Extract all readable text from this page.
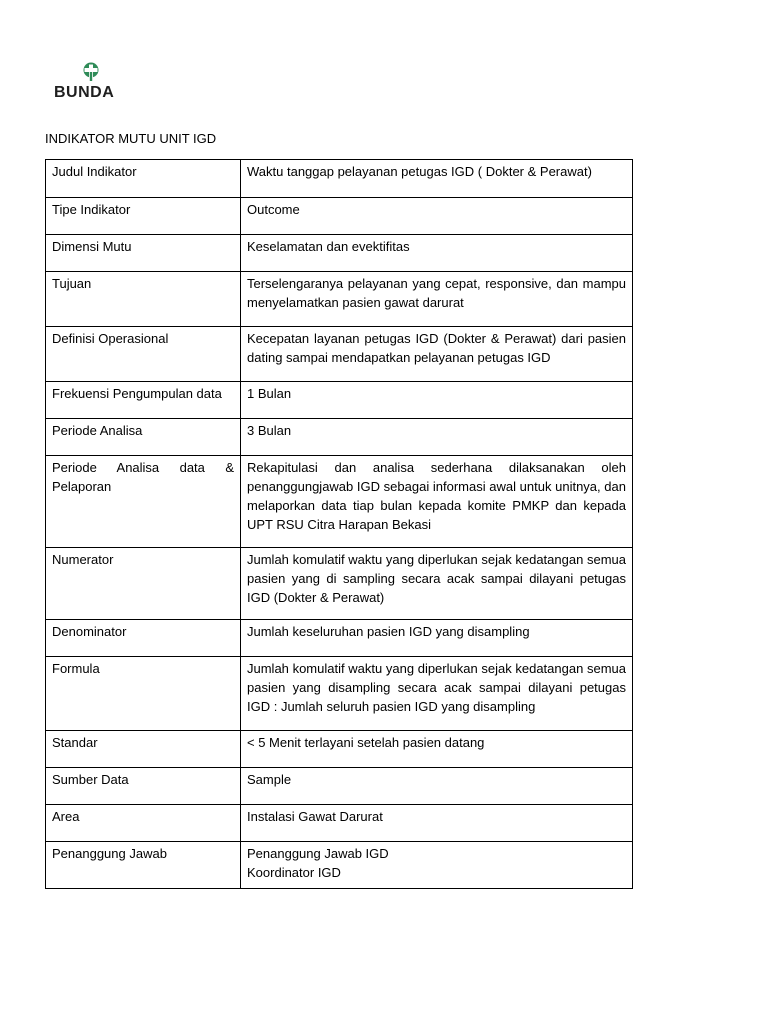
BUNDA
INDIKATOR MUTU UNIT IGD
Judul Indikator	Waktu tanggap pelayanan petugas IGD ( Dokter & Perawat)
Tipe Indikator	Outcome
Dimensi Mutu	Keselamatan dan evektifitas
Tujuan	Terselengaranya pelayanan yang cepat, responsive, dan mampu menyelamatkan pasien gawat darurat
Definisi Operasional	Kecepatan layanan petugas IGD (Dokter & Perawat) dari pasien dating sampai mendapatkan pelayanan petugas IGD
Frekuensi Pengumpulan data	1 Bulan
Periode Analisa	3 Bulan
Periode Analisa data & Pelaporan	Rekapitulasi dan analisa sederhana dilaksanakan oleh penanggungjawab IGD sebagai informasi awal untuk unitnya, dan melaporkan data tiap bulan kepada komite PMKP dan kepada UPT RSU Citra Harapan Bekasi
Numerator	Jumlah komulatif waktu yang diperlukan sejak kedatangan semua pasien yang di sampling secara acak sampai dilayani petugas IGD (Dokter & Perawat)
Denominator	Jumlah keseluruhan pasien IGD yang disampling
Formula	Jumlah komulatif waktu yang diperlukan sejak kedatangan semua pasien yang disampling secara acak sampai dilayani petugas IGD : Jumlah seluruh pasien IGD yang disampling
Standar	< 5 Menit terlayani setelah pasien datang
Sumber Data	Sample
Area	Instalasi Gawat Darurat
Penanggung Jawab	Penanggung Jawab IGD
Koordinator IGD
